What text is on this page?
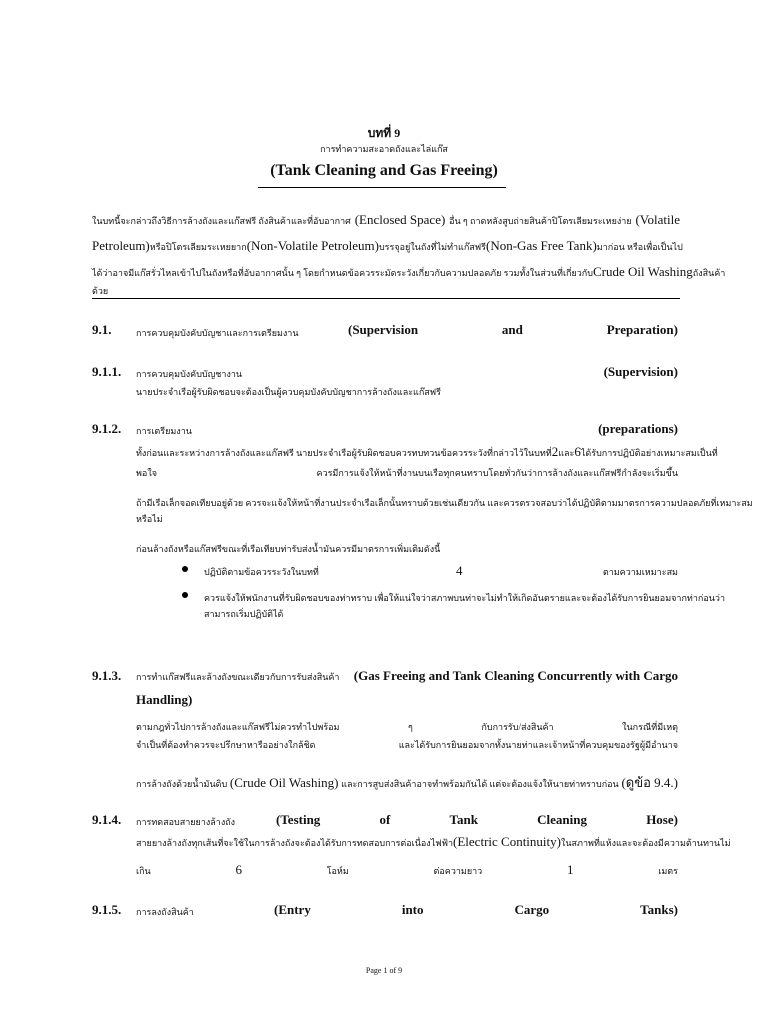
บทที่ 9
การทำความสะอาดถังและไล่แก๊ส
(Tank Cleaning and Gas Freeing)
ในบทนี้จะกล่าวถึงวิธีการล้างถังและแก๊สฟรี ถังสินค้าและที่อับอากาศ (Enclosed Space) อื่น ๆ ถาดหลังสูบถ่ายสินค้าปิโตรเลียมระเหยง่าย (Volatile
Petroleum) หรือปิโตรเลียมระเหยยาก (Non-Volatile Petroleum) บรรจุอยู่ในถังที่ไม่ทำแก๊สฟรี (Non-Gas Free Tank) มาก่อน หรือเพื่อเป็นไป
ได้ว่าอาจมีแก๊สรั่วไหลเข้าไปในถังหรือที่อับอากาศนั้น ๆ โดยกำหนดข้อควรระมัดระวังเกี่ยวกับความปลอดภัย รวมทั้งในส่วนที่เกี่ยวกับ Crude Oil Washing ถังสินค้า
ด้วย
9.1.	การควบคุมบังคับบัญชาและการเตรียมงาน	(Supervision	and	Preparation)
9.1.1. การควบคุมบังคับบัญชางาน	(Supervision)
นายประจำเรือผู้รับผิดชอบจะต้องเป็นผู้ควบคุมบังคับบัญชาการล้างถังและแก๊สฟรี
9.1.2. การเตรียมงาน	(preparations)
ทั้งก่อนและระหว่างการล้างถังและแก๊สฟรี นายประจำเรือผู้รับผิดชอบควรทบทวนข้อควรระวังที่กล่าวไว้ในบทที่ 2 และ 6 ได้รับการปฏิบัติอย่างเหมาะสมเป็นที่
พอใจ	ควรมีการแจ้งให้หน้าที่งานบนเรือทุกคนทราบโดยทั่วกันว่าการล้างถังและแก๊สฟรีกำลังจะเริ่มขึ้น
ถ้ามีเรือเล็กจอดเทียบอยู่ด้วย ควรจะแจ้งให้หน้าที่งานประจำเรือเล็กนั้นทราบด้วยเช่นเดียวกัน และควรตรวจสอบว่าได้ปฏิบัติตามมาตรการความปลอดภัยที่เหมาะสม
หรือไม่
ก่อนล้างถังหรือแก๊สฟรีขณะที่เรือเทียบท่ารับส่งน้ำมันควรมีมาตรการเพิ่มเติมดังนี้
ปฏิบัติตามข้อควรระวังในบทที่	4	ตามความเหมาะสม
ควรแจ้งให้พนักงานที่รับผิดชอบของท่าทราบ เพื่อให้แน่ใจว่าสภาพบนท่าจะไม่ทำให้เกิดอันตรายและจะต้องได้รับการยินยอมจากท่าก่อนว่า
สามารถเริ่มปฏิบัติได้
9.1.3. การทำแก๊สฟรีและล้างถังขณะเดียวกับการรับส่งสินค้า (Gas Freeing and Tank Cleaning Concurrently with Cargo
Handling)
ตามกฎทั่วไปการล้างถังและแก๊สฟรีไม่ควรทำไปพร้อม	ๆ	กับการรับ/ส่งสินค้า	ในกรณีที่มีเหตุ
จำเป็นที่ต้องทำควรจะปรึกษาหารืออย่างใกล้ชิด	และได้รับการยินยอมจากทั้งนายท่าและเจ้าหน้าที่ควบคุมของรัฐผู้มีอำนาจ
การล้างถังด้วยน้ำมันดิบ (Crude Oil Washing) และการสูบส่งสินค้าอาจทำพร้อมกันได้ แต่จะต้องแจ้งให้นายท่าทราบก่อน (ดูข้อ 9.4.)
9.1.4. การทดสอบสายยางล้างถัง	(Testing	of	Tank	Cleaning	Hose)
สายยางล้างถังทุกเส้นที่จะใช้ในการล้างถังจะต้องได้รับการทดสอบการต่อเนื่องไฟฟ้า (Electric Continuity) ในสภาพที่แห้งและจะต้องมีความต้านทานไม่
เกิน	6	โอห์ม	ต่อความยาว	1	เมตร
9.1.5. การลงถังสินค้า	(Entry	into	Cargo	Tanks)
Page 1 of 9
